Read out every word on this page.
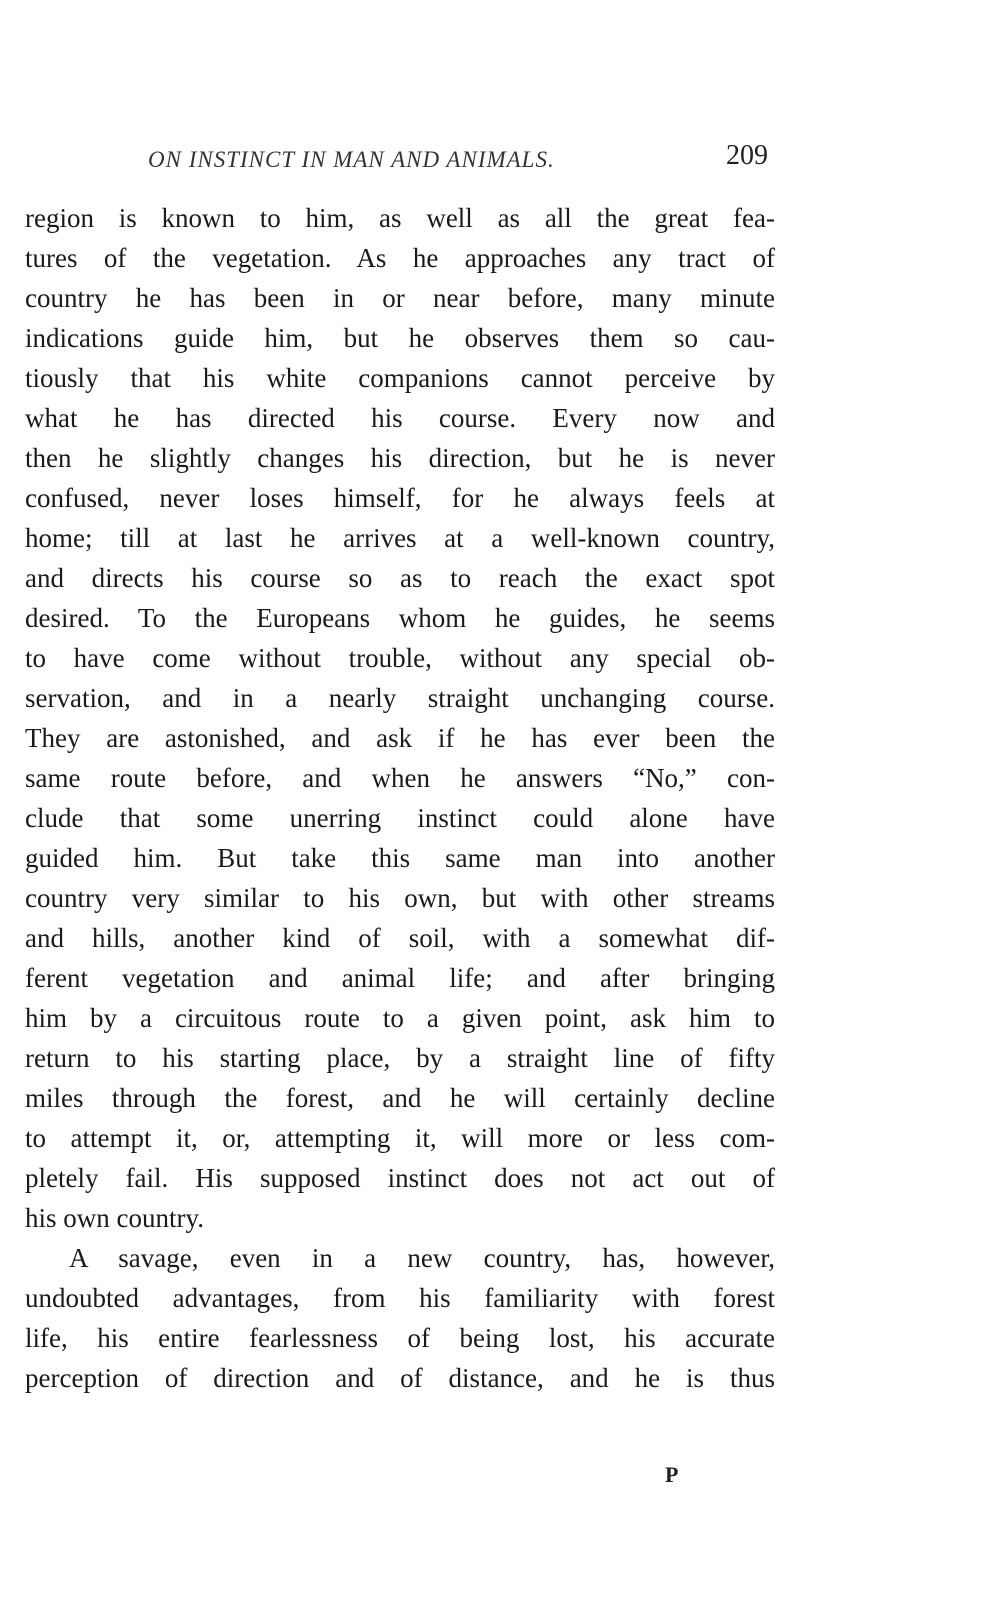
ON INSTINCT IN MAN AND ANIMALS.	209
region is known to him, as well as all the great fea-
tures of the vegetation. As he approaches any tract of
country he has been in or near before, many minute
indications guide him, but he observes them so cau-
tiously that his white companions cannot perceive by
what he has directed his course. Every now and
then he slightly changes his direction, but he is never
confused, never loses himself, for he always feels at
home; till at last he arrives at a well-known country,
and directs his course so as to reach the exact spot
desired. To the Europeans whom he guides, he seems
to have come without trouble, without any special ob-
servation, and in a nearly straight unchanging course.
They are astonished, and ask if he has ever been the
same route before, and when he answers “No,” con-
clude that some unerring instinct could alone have
guided him. But take this same man into another
country very similar to his own, but with other streams
and hills, another kind of soil, with a somewhat dif-
ferent vegetation and animal life; and after bringing
him by a circuitous route to a given point, ask him to
return to his starting place, by a straight line of fifty
miles through the forest, and he will certainly decline
to attempt it, or, attempting it, will more or less com-
pletely fail. His supposed instinct does not act out of
his own country.
A savage, even in a new country, has, however,
undoubted advantages, from his familiarity with forest
life, his entire fearlessness of being lost, his accurate
perception of direction and of distance, and he is thus
P
